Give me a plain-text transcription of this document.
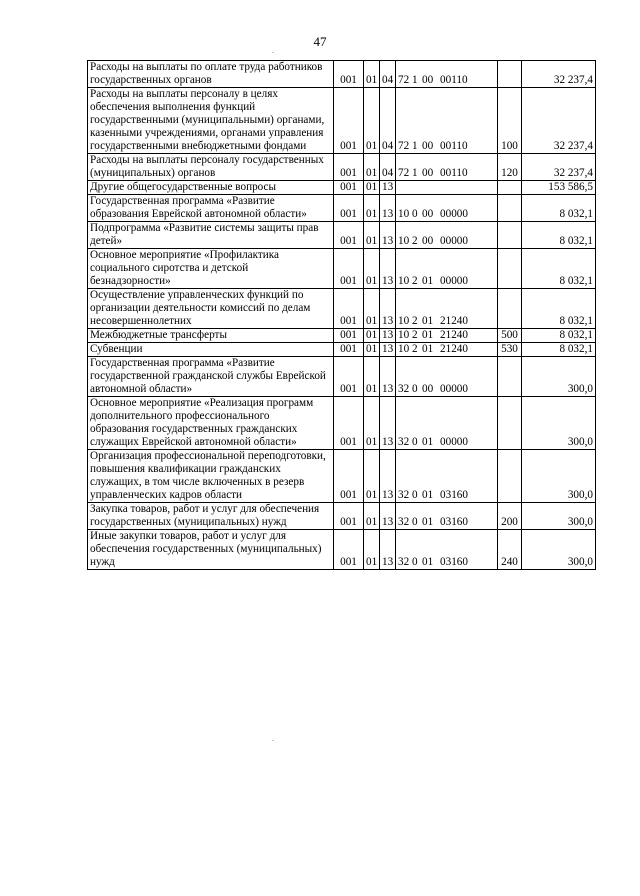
47
Расходы на выплаты по оплате труда работников государственных органов	001	01	04	72 1 00 00110		32 237,4
Расходы на выплаты персоналу в целях обеспечения выполнения функций государственными (муниципальными) органами, казенными учреждениями, органами управления государственными внебюджетными фондами	001	01	04	72 1 00 00110	100	32 237,4
Расходы на выплаты персоналу государственных (муниципальных) органов	001	01	04	72 1 00 00110	120	32 237,4
Другие общегосударственные вопросы	001	01	13			153 586,5
Государственная программа «Развитие образования Еврейской автономной области»	001	01	13	10 0 00 00000		8 032,1
Подпрограмма «Развитие системы защиты прав детей»	001	01	13	10 2 00 00000		8 032,1
Основное мероприятие «Профилактика социального сиротства и детской безнадзорности»	001	01	13	10 2 01 00000		8 032,1
Осуществление управленческих функций по организации деятельности комиссий по делам несовершеннолетних	001	01	13	10 2 01 21240		8 032,1
Межбюджетные трансферты	001	01	13	10 2 01 21240	500	8 032,1
Субвенции	001	01	13	10 2 01 21240	530	8 032,1
Государственная программа «Развитие государственной гражданской службы Еврейской автономной области»	001	01	13	32 0 00 00000		300,0
Основное мероприятие «Реализация программ дополнительного профессионального образования государственных гражданских служащих Еврейской автономной области»	001	01	13	32 0 01 00000		300,0
Организация профессиональной переподготовки, повышения квалификации гражданских служащих, в том числе включенных в резерв управленческих кадров области	001	01	13	32 0 01 03160		300,0
Закупка товаров, работ и услуг для обеспечения государственных (муниципальных) нужд	001	01	13	32 0 01 03160	200	300,0
Иные закупки товаров, работ и услуг для обеспечения государственных (муниципальных) нужд	001	01	13	32 0 01 03160	240	300,0
.
.
